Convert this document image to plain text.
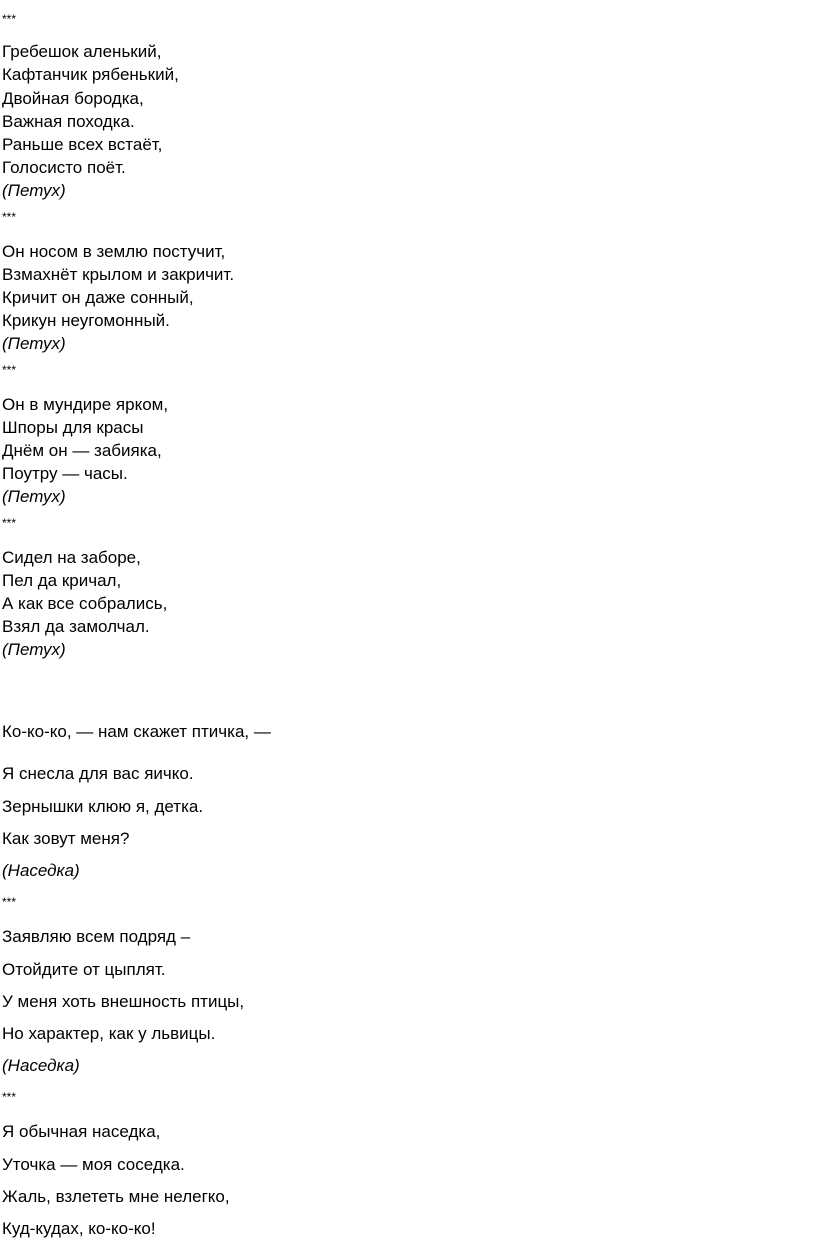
***
Гребешок аленький,
Кафтанчик рябенький,
Двойная бородка,
Важная походка.
Раньше всех встаёт,
Голосисто поёт.
(Петух)
***
Он носом в землю постучит,
Взмахнёт крылом и закричит.
Кричит он даже сонный,
Крикун неугомонный.
(Петух)
***
Он в мундире ярком,
Шпоры для красы
Днём он — забияка,
Поутру — часы.
(Петух)
***
Сидел на заборе,
Пел да кричал,
А как все собрались,
Взял да замолчал.
(Петух)
Ко-ко-ко, — нам скажет птичка, —
Я снесла для вас яичко.
Зернышки клюю я, детка.
Как зовут меня?
(Наседка)
***
Заявляю всем подряд –
Отойдите от цыплят.
У меня хоть внешность птицы,
Но характер, как у львицы.
(Наседка)
***
Я обычная наседка,
Уточка — моя соседка.
Жаль, взлететь мне нелегко,
Куд-кудах, ко-ко-ко!
